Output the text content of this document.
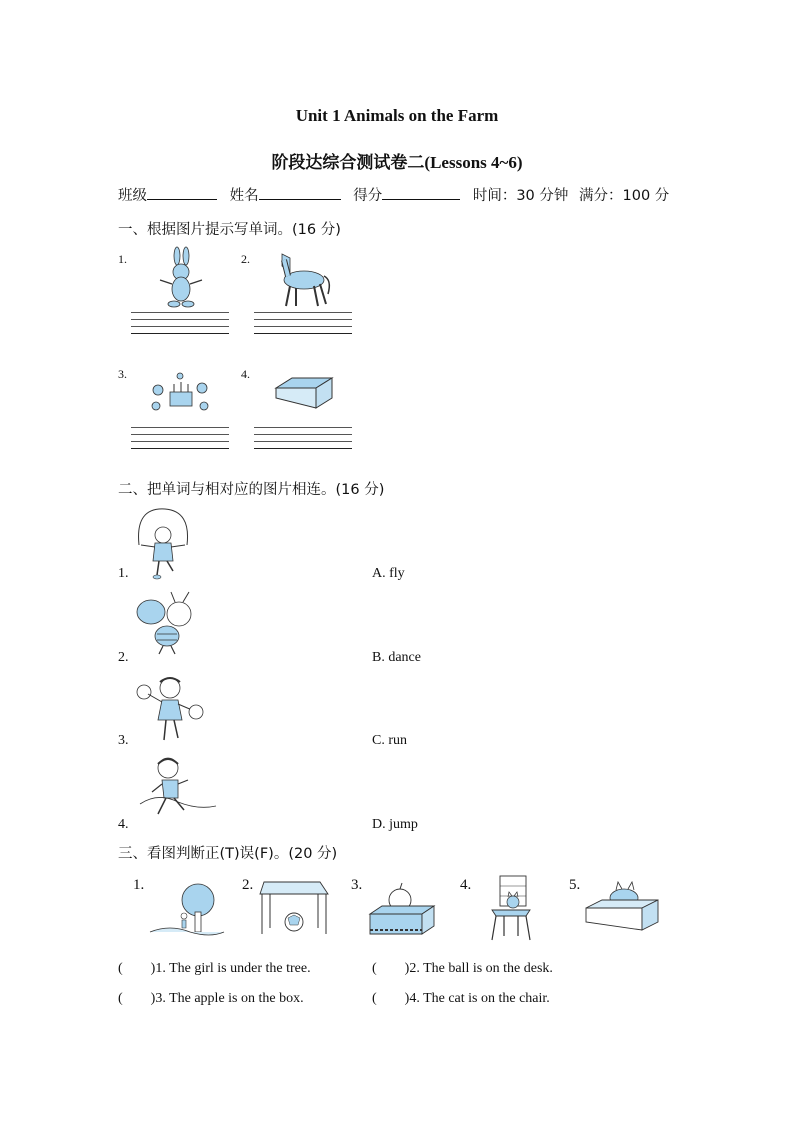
Unit 1 Animals on the Farm
阶段达综合测试卷二(Lessons 4~6)
班级	姓名	得分	时间：30 分钟 满分：100 分
一、根据图片提示写单词。(16 分)
1.	2.
3.	4.
二、把单词与相对应的图片相连。(16 分)
1.
2.
3.
4.
A. fly
B. dance
C. run
D. jump
三、看图判断正(T)误(F)。(20 分)
1.	2.	3.	4.	5.
(　　)1. The girl is under the tree.	(　　)2. The ball is on the desk.
(　　)3. The apple is on the box.	(　　)4. The cat is on the chair.
